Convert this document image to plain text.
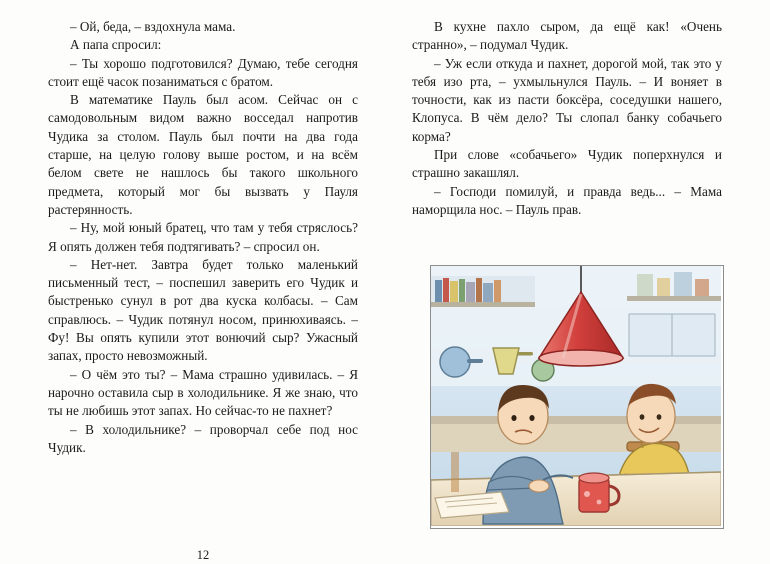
– Ой, беда, – вздохнула мама.

А папа спросил:

– Ты хорошо подготовился? Думаю, тебе сегодня стоит ещё часок позаниматься с братом.

В математике Пауль был асом. Сейчас он с самодовольным видом важно восседал напротив Чудика за столом. Пауль был почти на два года старше, на целую голову выше ростом, и на всём белом свете не нашлось бы такого школьного предмета, который мог бы вызвать у Пауля растерянность.

– Ну, мой юный братец, что там у тебя стряслось? Я опять должен тебя подтягивать? – спросил он.

– Нет-нет. Завтра будет только маленький письменный тест, – поспешил заверить его Чудик и быстренько сунул в рот два куска колбасы. – Сам справлюсь. – Чудик потянул носом, принюхиваясь. – Фу! Вы опять купили этот вонючий сыр? Ужасный запах, просто невозможный.

– О чём это ты? – Мама страшно удивилась. – Я нарочно оставила сыр в холодильнике. Я же знаю, что ты не любишь этот запах. Но сейчас-то не пахнет?

– В холодильнике? – проворчал себе под нос Чудик.

В кухне пахло сыром, да ещё как! «Очень странно», – подумал Чудик.

– Уж если откуда и пахнет, дорогой мой, так это у тебя изо рта, – ухмыльнулся Пауль. – И воняет в точности, как из пасти боксёра, соседушки нашего, Клопуса. В чём дело? Ты слопал банку собачьего корма?

При слове «собачьего» Чудик поперхнулся и страшно закашлял.

– Господи помилуй, и правда ведь... – Мама наморщила нос. – Пауль прав.

12
